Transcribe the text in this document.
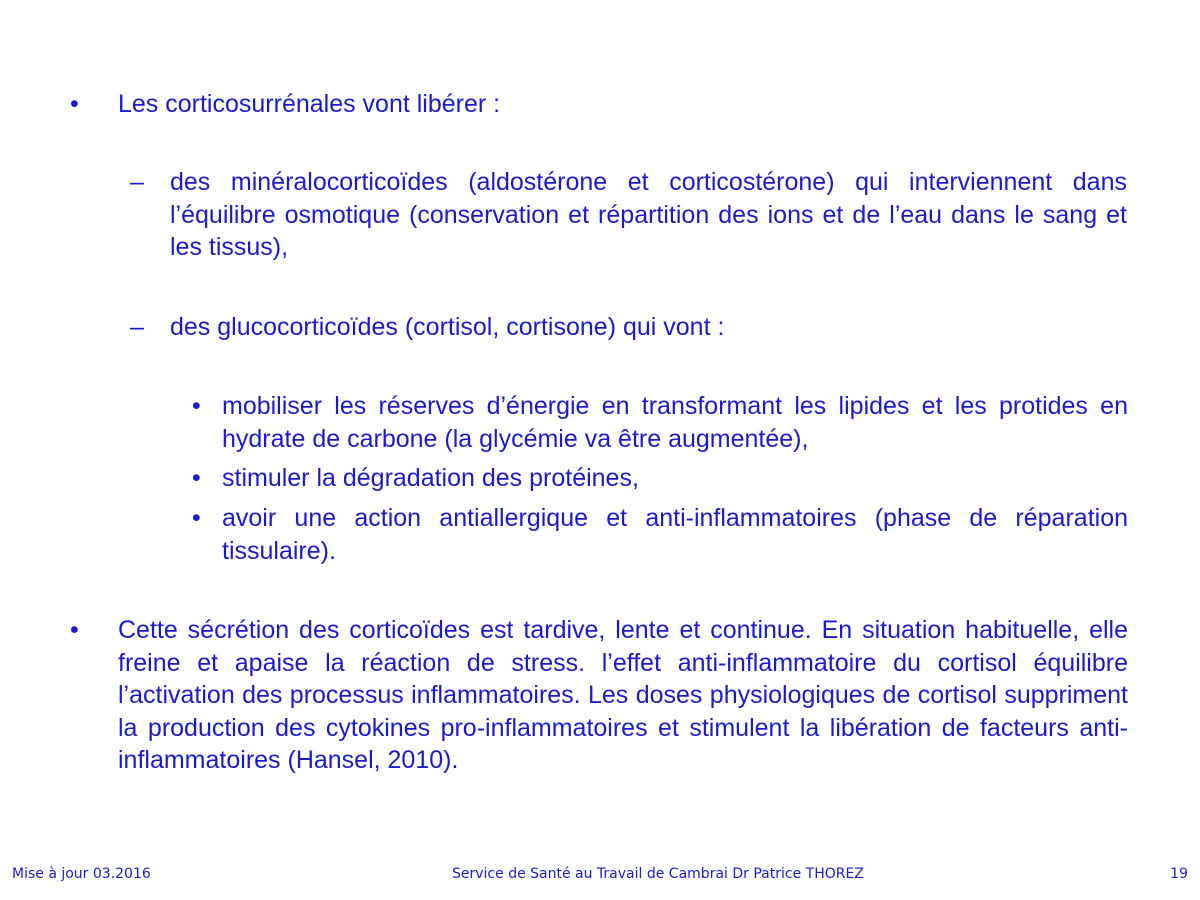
•	Les corticosurrénales vont libérer :
–	des minéralocorticoïdes (aldostérone et corticostérone) qui interviennent dans l’équilibre osmotique (conservation et répartition des ions et de l’eau dans le sang et les tissus),
–	des glucocorticoïdes (cortisol, cortisone) qui vont :
• mobiliser les réserves d’énergie en transformant les lipides et les protides en hydrate de carbone (la glycémie va être augmentée),
• stimuler la dégradation des protéines,
• avoir une action antiallergique et anti-inflammatoires (phase de réparation tissulaire).
•	Cette sécrétion des corticoïdes est tardive, lente et continue. En situation habituelle, elle freine et apaise la réaction de stress. l’effet anti-inflammatoire du cortisol équilibre l’activation des processus inflammatoires. Les doses physiologiques de cortisol suppriment la production des cytokines pro-inflammatoires et stimulent la libération de facteurs anti-inflammatoires (Hansel, 2010).
Mise à jour 03.2016	Service de Santé au Travail de Cambrai Dr Patrice THOREZ	19
